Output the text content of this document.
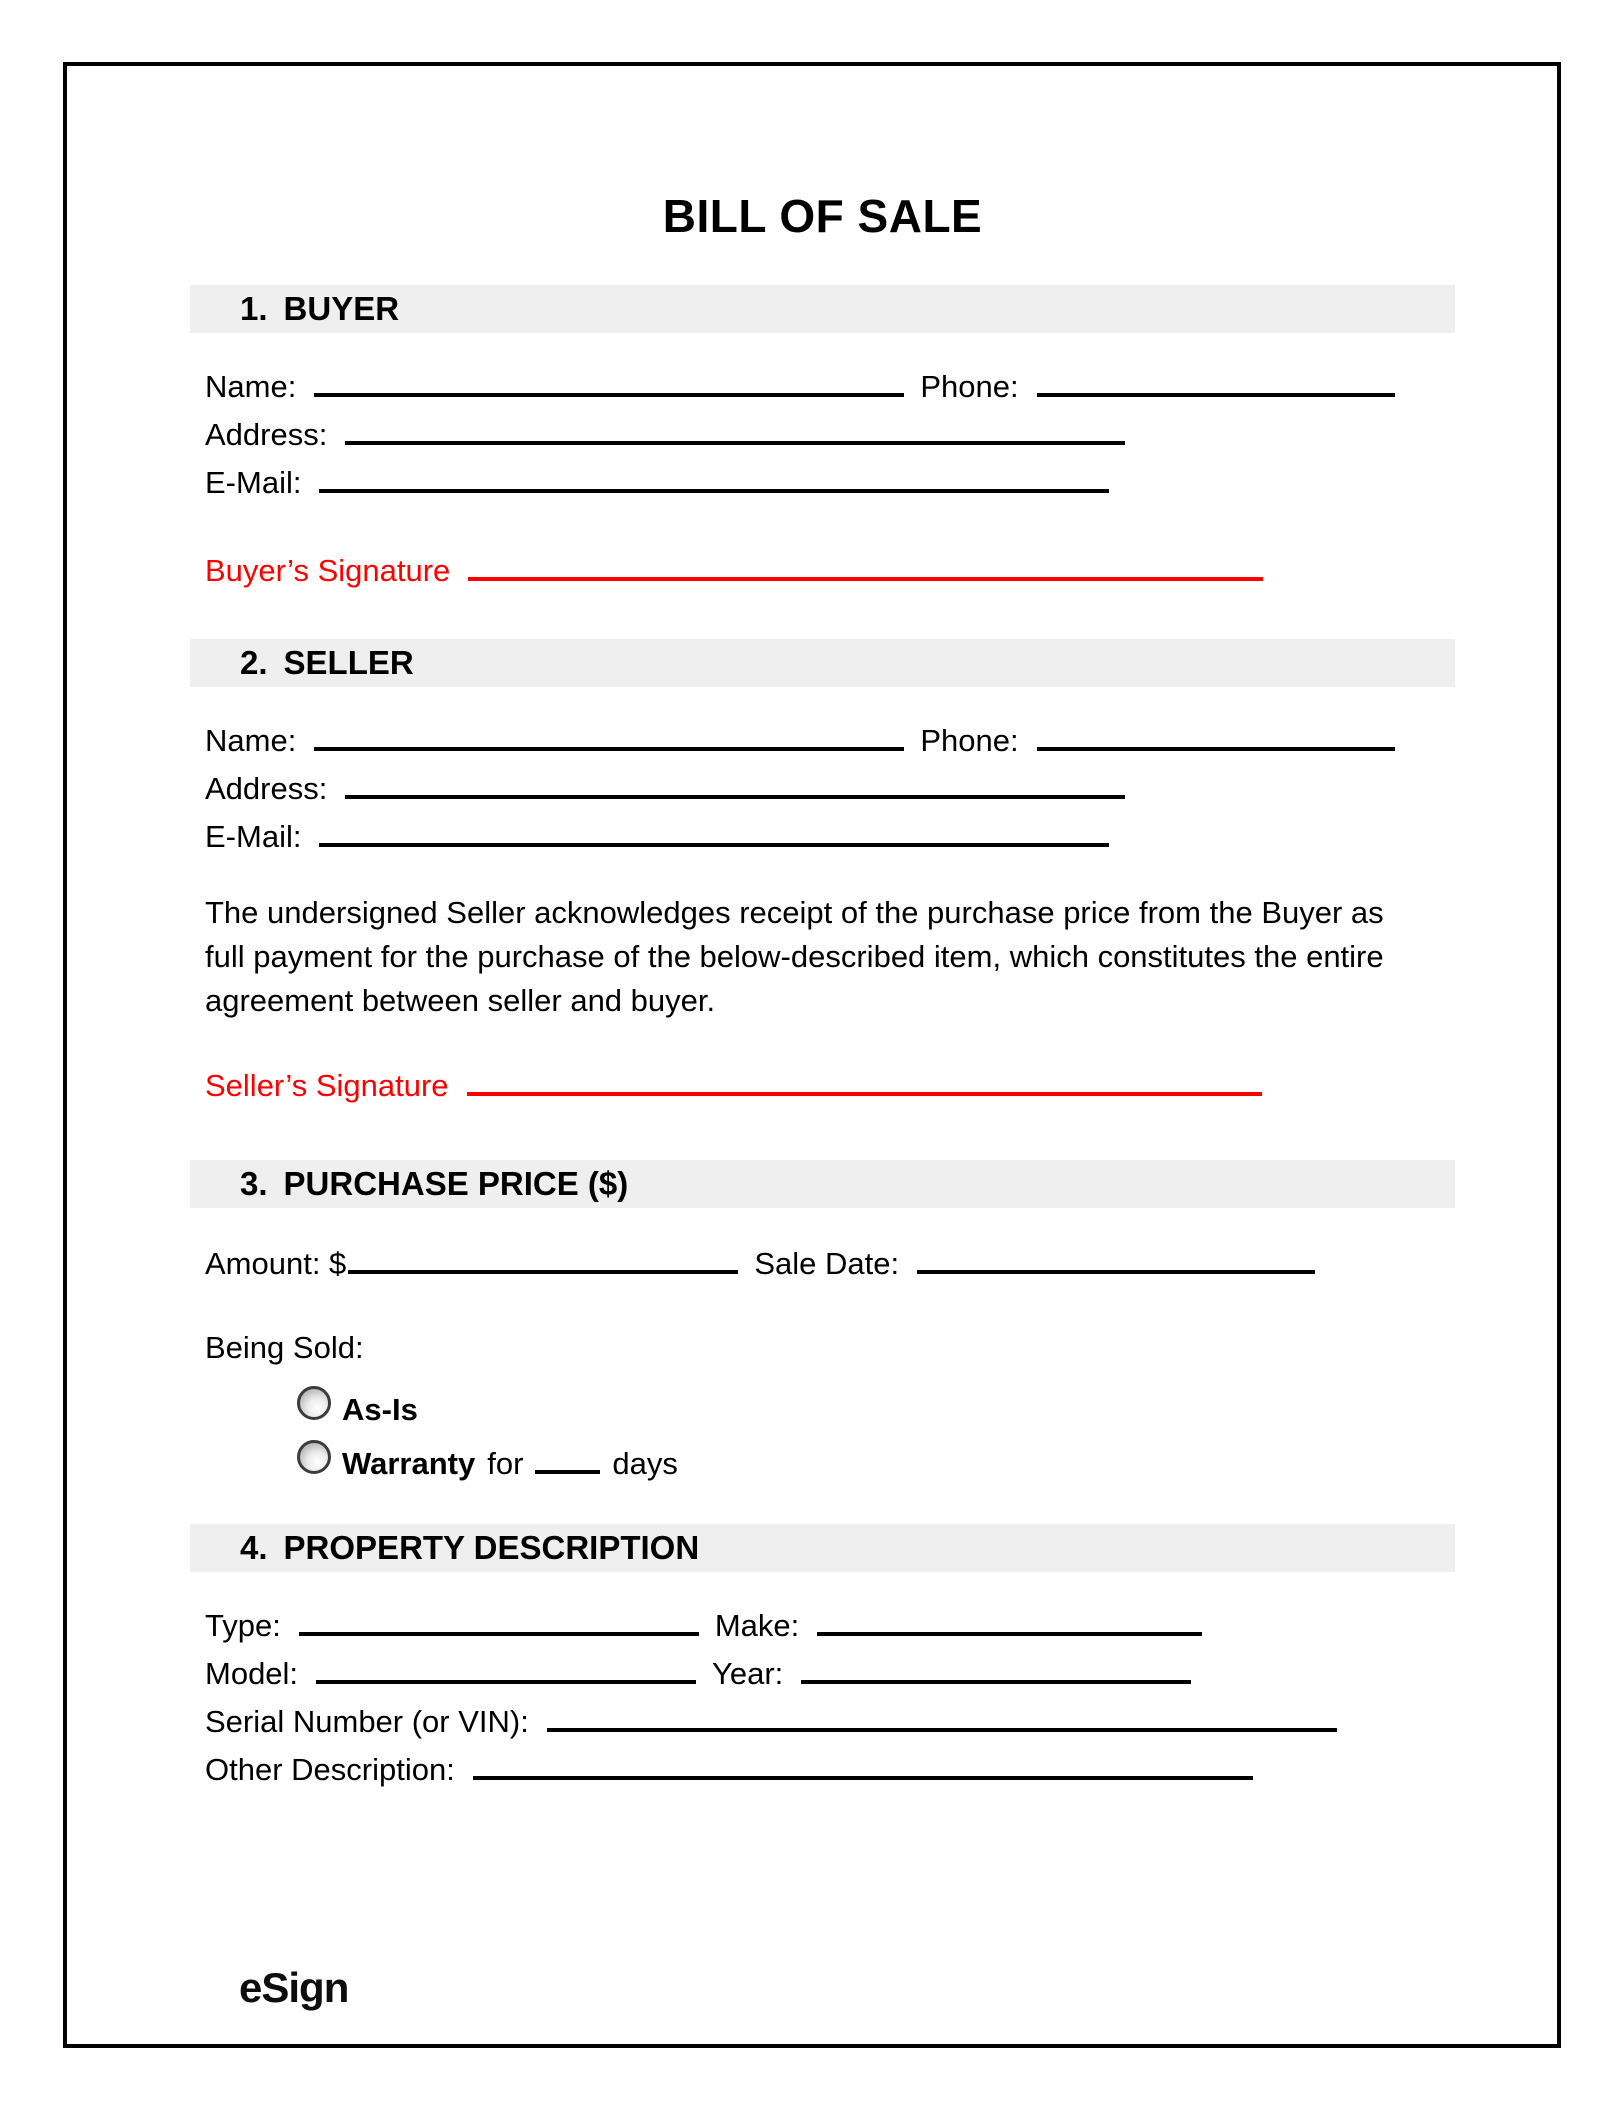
BILL OF SALE
1. BUYER
Name:	Phone:
Address:
E-Mail:
Buyer’s Signature
2. SELLER
Name:	Phone:
Address:
E-Mail:

The undersigned Seller acknowledges receipt of the purchase price from the Buyer as full payment for the purchase of the below-described item, which constitutes the entire agreement between seller and buyer.

Seller’s Signature
3. PURCHASE PRICE ($)
Amount: $	Sale Date:
Being Sold:
As-Is
Warranty for	days
4. PROPERTY DESCRIPTION
Type:	Make:
Model:	Year:
Serial Number (or VIN):
Other Description:
eSign
